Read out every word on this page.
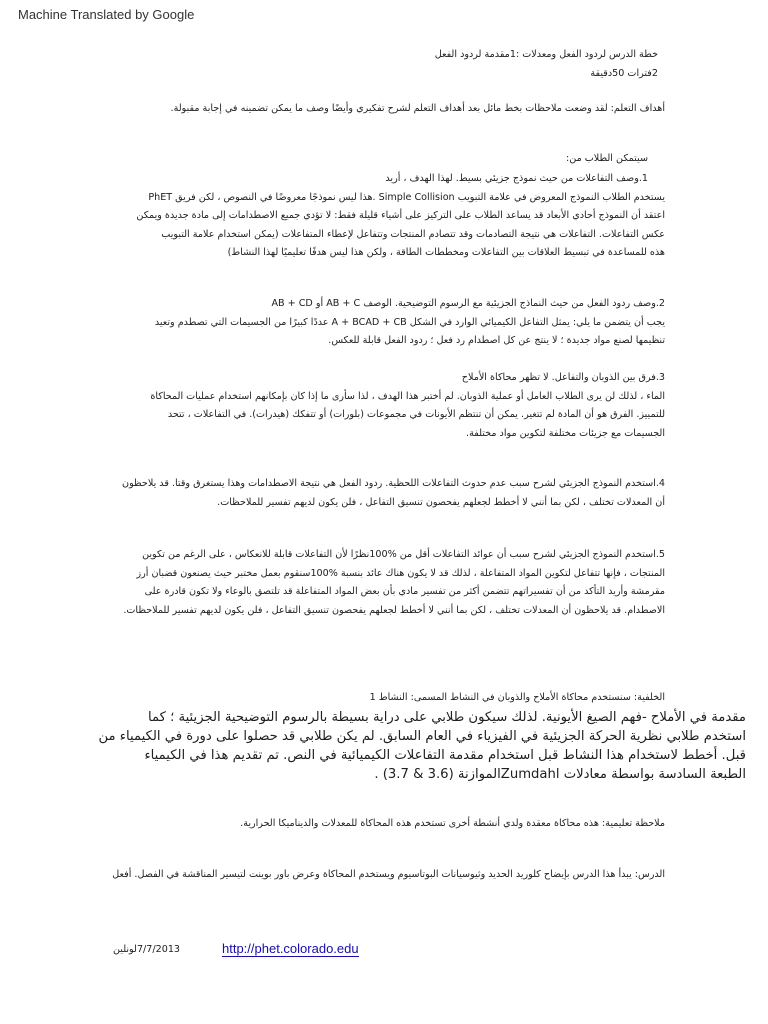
Machine Translated by Google

خطة الدرس لردود الفعل ومعدلات :1مقدمة لردود الفعل

2فترات 50دقيقة

أهداف التعلم: لقد وضعت ملاحظات بخط مائل بعد أهداف التعلم لشرح تفكيري وأيضًا وصف ما يمكن تضمينه في إجابة مقبولة.

سيتمكن الطلاب من:

1.وصف التفاعلات من حيث نموذج جزيئي بسيط. لهذا الهدف ، أريد

يستخدم الطلاب النموذج المعروض في علامة التبويب Simple Collision .هذا ليس نموذجًا معروضًا في النصوص ، لكن فريق PhET

اعتقد أن النموذج أحادي الأبعاد قد يساعد الطلاب على التركيز على أشياء قليلة فقط: لا تؤدي جميع الاصطدامات إلى مادة جديدة ويمكن

عكس التفاعلات. التفاعلات هي نتيجة التصادمات وقد تتصادم المنتجات وتتفاعل لإعطاء المتفاعلات (يمكن استخدام علامة التبويب

هذه للمساعدة في تبسيط العلاقات بين التفاعلات ومخططات الطاقة ، ولكن هذا ليس هدفًا تعليميًا لهذا النشاط)

2.وصف ردود الفعل من حيث النماذج الجزيئية مع الرسوم التوضيحية. الوصف AB + C أو AB + CD

يجب أن يتضمن ما يلي: يمثل التفاعل الكيميائي الوارد في الشكل A + BCAD + CB عددًا كبيرًا من الجسيمات التي تصطدم وتعيد

تنظيمها لصنع مواد جديدة ؛ لا ينتج عن كل اصطدام رد فعل ؛ ردود الفعل قابلة للعكس.

3.فرق بين الذوبان والتفاعل. لا تظهر محاكاة الأملاح

الماء ، لذلك لن يرى الطلاب العامل أو عملية الذوبان. لم أختبر هذا الهدف ، لذا سأرى ما إذا كان بإمكانهم استخدام عمليات المحاكاة

للتمييز. الفرق هو أن المادة لم تتغير. يمكن أن تنتظم الأيونات في مجموعات (بلورات) أو تتفكك (هيدرات). في التفاعلات ، تتحد

الجسيمات مع جزيئات مختلفة لتكوين مواد مختلفة.

4.استخدم النموذج الجزيئي لشرح سبب عدم حدوث التفاعلات اللحظية. ردود الفعل هي نتيجة الاصطدامات وهذا يستغرق وقتا. قد يلاحظون

أن المعدلات تختلف ، لكن بما أنني لا أخطط لجعلهم يفحصون تنسيق التفاعل ، فلن يكون لديهم تفسير للملاحظات.

5.استخدم النموذج الجزيئي لشرح سبب أن عوائد التفاعلات أقل من %100نظرًا لأن التفاعلات قابلة للانعكاس ، على الرغم من تكوين

المنتجات ، فإنها تتفاعل لتكوين المواد المتفاعلة ، لذلك قد لا يكون هناك عائد بنسبة %100سنقوم بعمل مختبر حيث يصنعون قضبان أرز

مقرمشة وأريد التأكد من أن تفسيراتهم تتضمن أكثر من تفسير مادي بأن بعض المواد المتفاعلة قد تلتصق بالوعاء ولا تكون قادرة على

الاصطدام. قد يلاحظون أن المعدلات تختلف ، لكن بما أنني لا أخطط لجعلهم يفحصون تنسيق التفاعل ، فلن يكون لديهم تفسير للملاحظات.

الخلفية: سنستخدم محاكاة الأملاح والذوبان في النشاط المسمى: النشاط 1

مقدمة في الأملاح -فهم الصيغ الأيونية. لذلك سيكون طلابي على دراية بسيطة بالرسوم التوضيحية الجزيئية ؛ كما

استخدم طلابي نظرية الحركة الجزيئية في الفيزياء في العام السابق. لم يكن طلابي قد حصلوا على دورة في الكيمياء من

قبل. أخطط لاستخدام هذا النشاط قبل استخدام مقدمة التفاعلات الكيميائية في النص. تم تقديم هذا في الكيمياء

الطبعة السادسة بواسطة معادلات Zumdahlالموازنة (3.6 & 3.7) .

ملاحظة تعليمية: هذه محاكاة معقدة ولدي أنشطة أخرى تستخدم هذه المحاكاة للمعدلات والديناميكا الحرارية.

الدرس: يبدأ هذا الدرس بإيضاح كلوريد الحديد وثيوسيانات البوتاسيوم ويستخدم المحاكاة وعرض باور بوينت لتيسير المناقشة في الفصل. أفعل

7/7/2013لونلين	http://phet.colorado.edu
